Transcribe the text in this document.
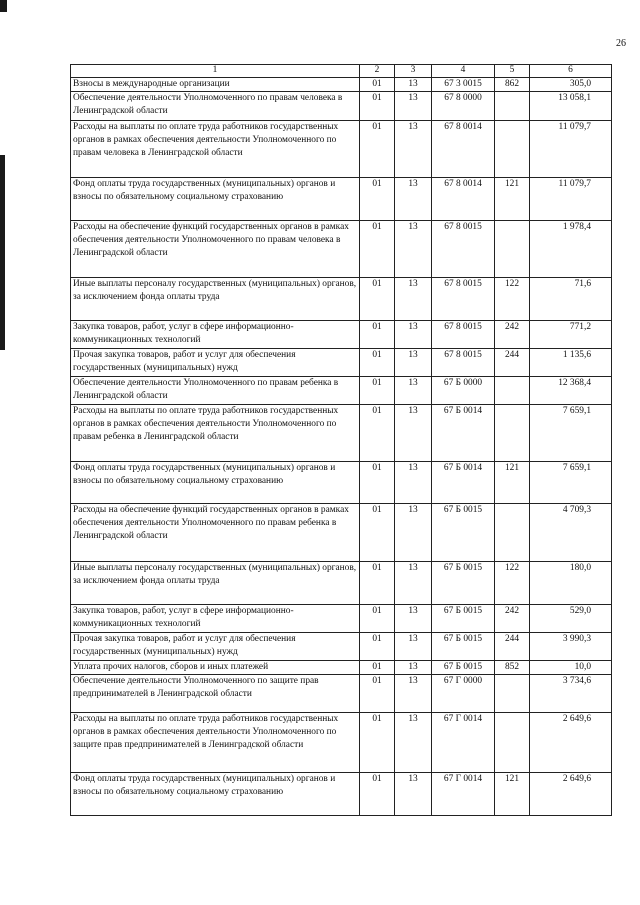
26
1	2	3	4	5	6
Взносы в международные организации	01	13	67 3 0015	862	305,0
Обеспечение деятельности Уполномоченного по правам человека в Ленинградской области	01	13	67 8 0000		13 058,1
Расходы на выплаты по оплате труда работников государственных органов в рамках обеспечения деятельности Уполномоченного по правам человека в Ленинградской области	01	13	67 8 0014		11 079,7
Фонд оплаты труда государственных (муниципальных) органов и взносы по обязательному социальному страхованию	01	13	67 8 0014	121	11 079,7
Расходы на обеспечение функций государственных органов в рамках обеспечения деятельности Уполномоченного по правам человека в Ленинградской области	01	13	67 8 0015		1 978,4
Иные выплаты персоналу государственных (муниципальных) органов, за исключением фонда оплаты труда	01	13	67 8 0015	122	71,6
Закупка товаров, работ, услуг в сфере информационно-коммуникационных технологий	01	13	67 8 0015	242	771,2
Прочая закупка товаров, работ и услуг для обеспечения государственных (муниципальных) нужд	01	13	67 8 0015	244	1 135,6
Обеспечение деятельности Уполномоченного по правам ребенка в Ленинградской области	01	13	67 Б 0000		12 368,4
Расходы на выплаты по оплате труда работников государственных органов в рамках обеспечения деятельности Уполномоченного по правам ребенка в Ленинградской области	01	13	67 Б 0014		7 659,1
Фонд оплаты труда государственных (муниципальных) органов и взносы по обязательному социальному страхованию	01	13	67 Б 0014	121	7 659,1
Расходы на обеспечение функций государственных органов в рамках обеспечения деятельности Уполномоченного по правам ребенка в Ленинградской области	01	13	67 Б 0015		4 709,3
Иные выплаты персоналу государственных (муниципальных) органов, за исключением фонда оплаты труда	01	13	67 Б 0015	122	180,0
Закупка товаров, работ, услуг в сфере информационно-коммуникационных технологий	01	13	67 Б 0015	242	529,0
Прочая закупка товаров, работ и услуг для обеспечения государственных (муниципальных) нужд	01	13	67 Б 0015	244	3 990,3
Уплата прочих налогов, сборов и иных платежей	01	13	67 Б 0015	852	10,0
Обеспечение деятельности Уполномоченного по защите прав предпринимателей в Ленинградской области	01	13	67 Г 0000		3 734,6
Расходы на выплаты по оплате труда работников государственных органов в рамках обеспечения деятельности Уполномоченного по защите прав предпринимателей в Ленинградской области	01	13	67 Г 0014		2 649,6
Фонд оплаты труда государственных (муниципальных) органов и взносы по обязательному социальному страхованию	01	13	67 Г 0014	121	2 649,6
